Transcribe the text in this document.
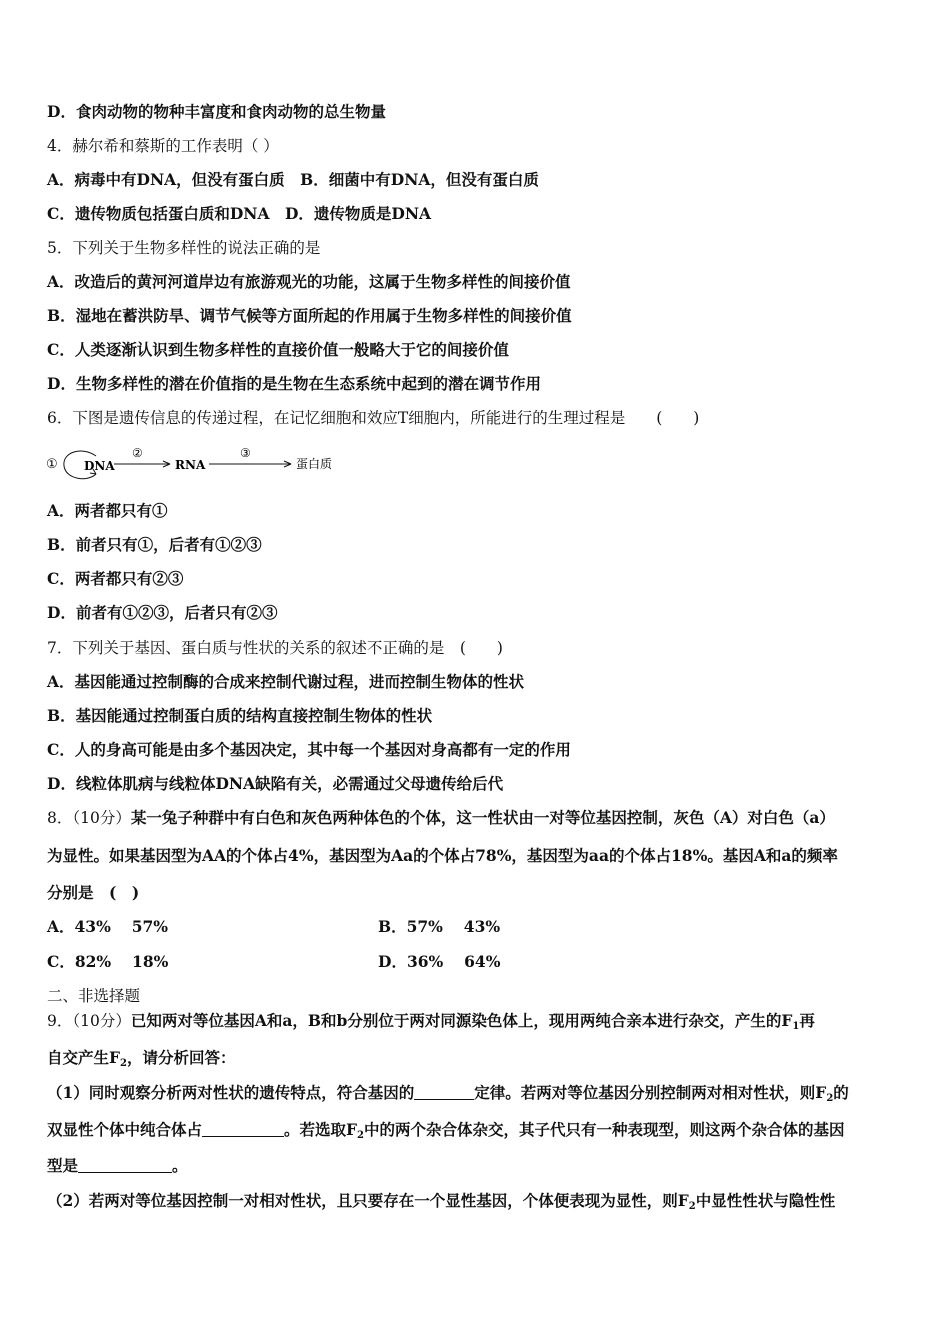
D．食肉动物的物种丰富度和食肉动物的总生物量
4．赫尔希和蔡斯的工作表明（ ）
A．病毒中有DNA，但没有蛋白质　B．细菌中有DNA，但没有蛋白质
C．遗传物质包括蛋白质和DNA　D．遗传物质是DNA
5．下列关于生物多样性的说法正确的是
A．改造后的黄河河道岸边有旅游观光的功能，这属于生物多样性的间接价值
B．湿地在蓄洪防旱、调节气候等方面所起的作用属于生物多样性的间接价值
C．人类逐渐认识到生物多样性的直接价值一般略大于它的间接价值
D．生物多样性的潜在价值指的是生物在生态系统中起到的潜在调节作用
6．下图是遗传信息的传递过程，在记忆细胞和效应T细胞内，所能进行的生理过程是　　(　　)
① DNA
②
RNA
③
蛋白质
A．两者都只有①
B．前者只有①，后者有①②③
C．两者都只有②③
D．前者有①②③，后者只有②③
7．下列关于基因、蛋白质与性状的关系的叙述不正确的是　(　　)
A．基因能通过控制酶的合成来控制代谢过程，进而控制生物体的性状
B．基因能通过控制蛋白质的结构直接控制生物体的性状
C．人的身高可能是由多个基因决定，其中每一个基因对身高都有一定的作用
D．线粒体肌病与线粒体DNA缺陷有关，必需通过父母遗传给后代
8．（10分）某一兔子种群中有白色和灰色两种体色的个体，这一性状由一对等位基因控制，灰色（A）对白色（a）
为显性。如果基因型为AA的个体占4%，基因型为Aa的个体占78%，基因型为aa的个体占18%。基因A和a的频率
分别是　(　)
A．43%　 57%	B．57%　 43%
C．82%　 18%	D．36%　 64%
二、非选择题
9．（10分）已知两对等位基因A和a，B和b分别位于两对同源染色体上，现用两纯合亲本进行杂交，产生的$F_1$再
自交产生$F_2$，请分析回答：
（1）同时观察分析两对性状的遗传特点，符合基因的	定律。若两对等位基因分别控制两对相对性状，则$F_2$的
双显性个体中纯合体占	。若选取$F_2$中的两个杂合体杂交，其子代只有一种表现型，则这两个杂合体的基因
型是	。
（2）若两对等位基因控制一对相对性状，且只要存在一个显性基因，个体便表现为显性，则$F_2$中显性性状与隐性性
